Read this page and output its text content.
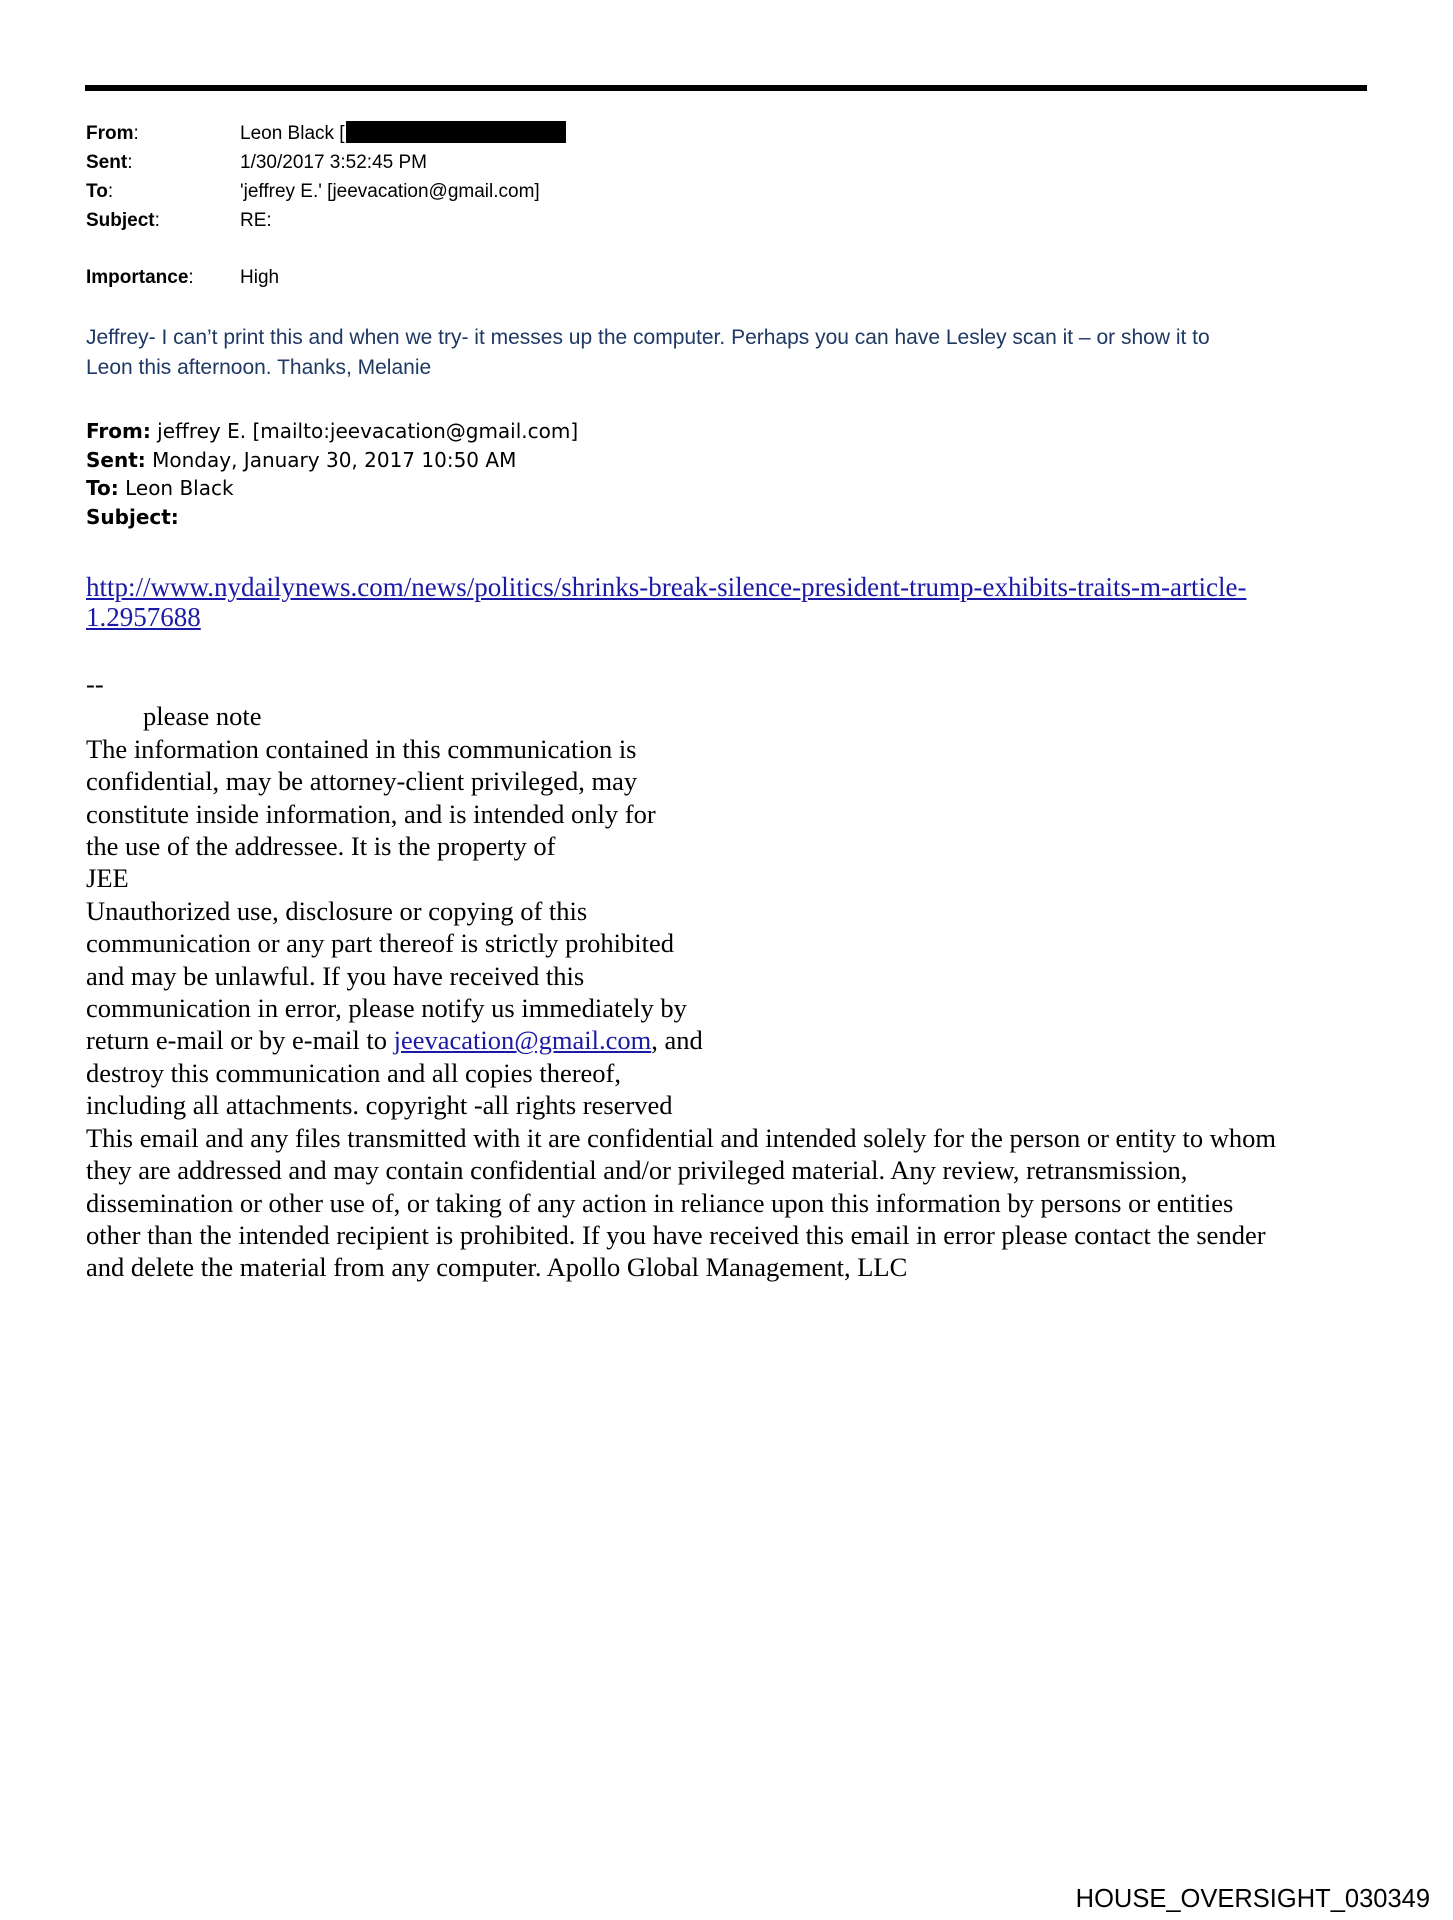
From:	Leon Black [
Sent:	1/30/2017 3:52:45 PM
To:	'jeffrey E.' [jeevacation@gmail.com]
Subject:	RE:
Importance: High
Jeffrey- I can’t print this and when we try- it messes up the computer. Perhaps you can have Lesley scan it – or show it to
Leon this afternoon. Thanks, Melanie
From: jeffrey E. [mailto:jeevacation@gmail.com]
Sent: Monday, January 30, 2017 10:50 AM
To: Leon Black
Subject:
http://www.nydailynews.com/news/politics/shrinks-break-silence-president-trump-exhibits-traits-m-article-
1.2957688
--
please note
The information contained in this communication is
confidential, may be attorney-client privileged, may
constitute inside information, and is intended only for
the use of the addressee. It is the property of
JEE
Unauthorized use, disclosure or copying of this
communication or any part thereof is strictly prohibited
and may be unlawful. If you have received this
communication in error, please notify us immediately by
return e-mail or by e-mail to jeevacation@gmail.com, and
destroy this communication and all copies thereof,
including all attachments. copyright -all rights reserved
This email and any files transmitted with it are confidential and intended solely for the person or entity to whom
they are addressed and may contain confidential and/or privileged material. Any review, retransmission,
dissemination or other use of, or taking of any action in reliance upon this information by persons or entities
other than the intended recipient is prohibited. If you have received this email in error please contact the sender
and delete the material from any computer. Apollo Global Management, LLC
HOUSE_OVERSIGHT_030349
